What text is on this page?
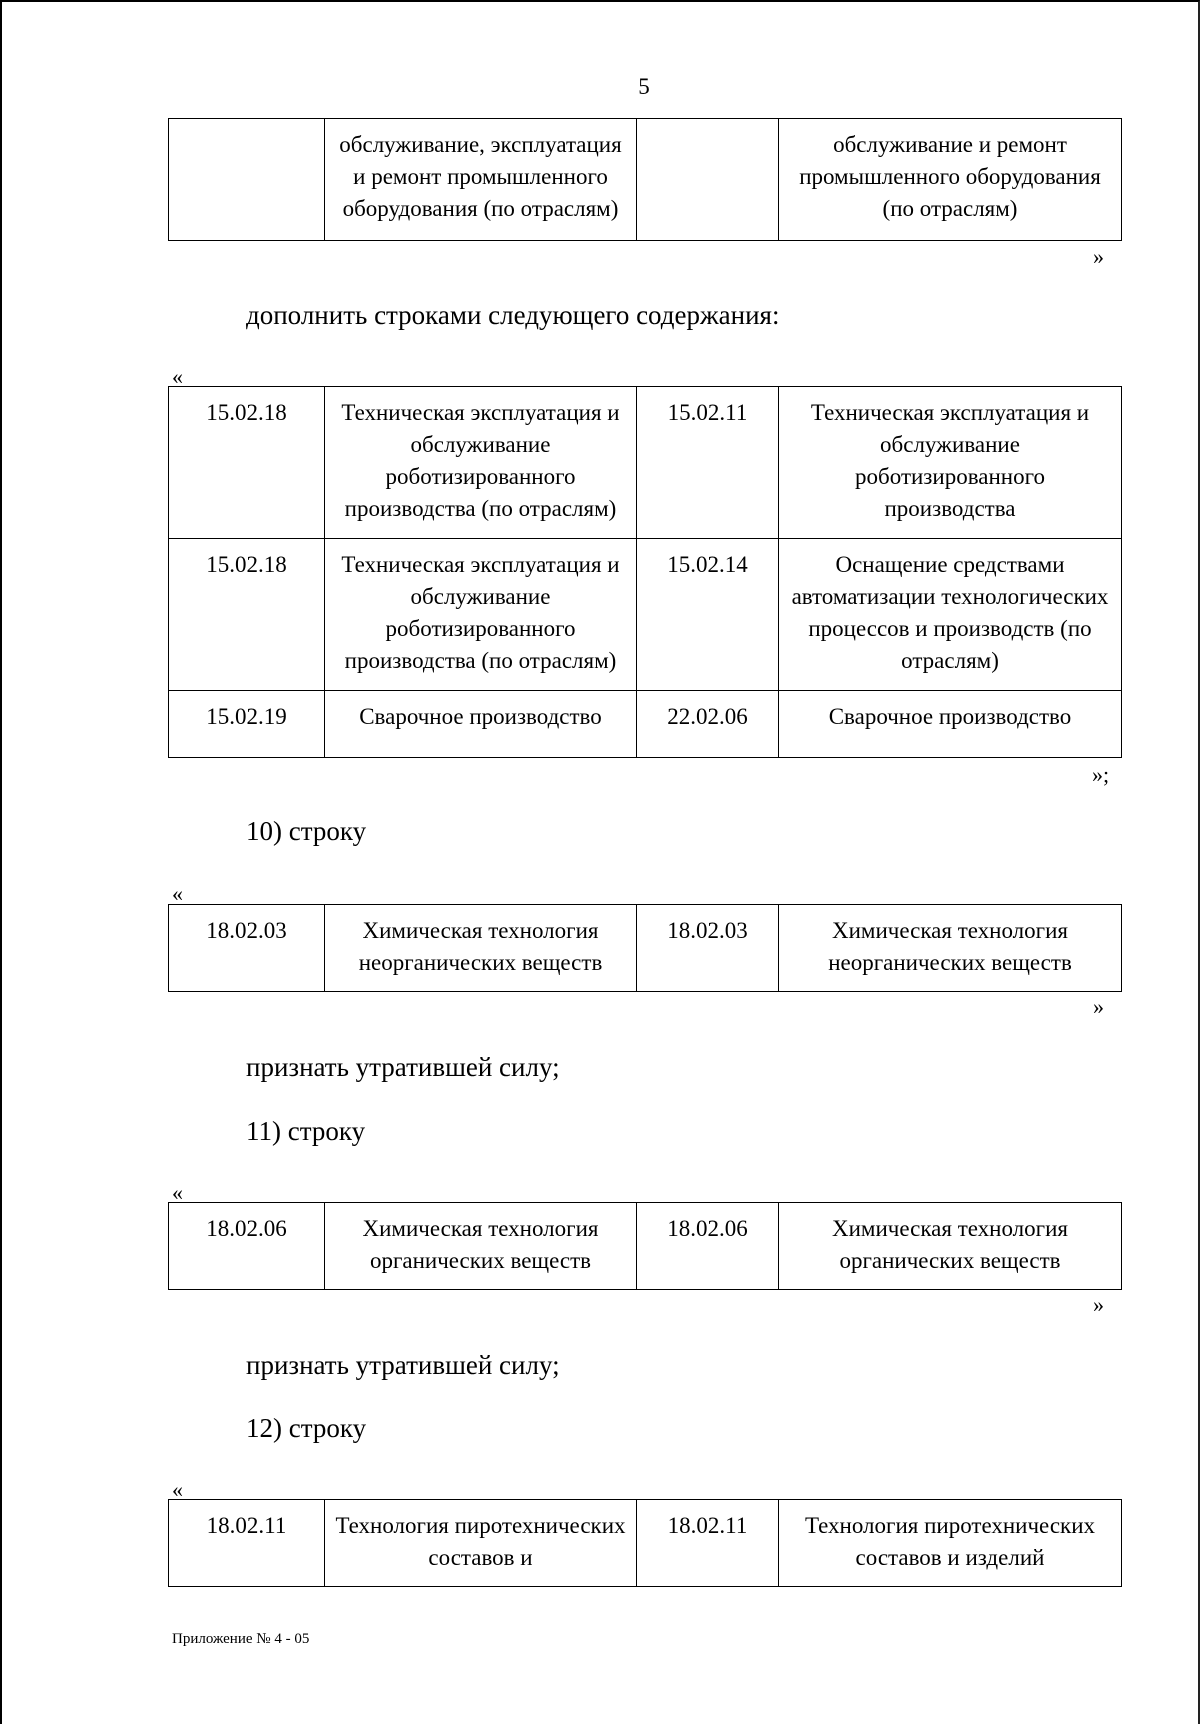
5
	обслуживание, эксплуатация и ремонт промышленного оборудования (по отраслям)		обслуживание и ремонт промышленного оборудования (по отраслям)
»
дополнить строками следующего содержания:
«
15.02.18	Техническая эксплуатация и обслуживание роботизированного производства (по отраслям)	15.02.11	Техническая эксплуатация и обслуживание роботизированного производства
15.02.18	Техническая эксплуатация и обслуживание роботизированного производства (по отраслям)	15.02.14	Оснащение средствами автоматизации технологических процессов и производств (по отраслям)
15.02.19	Сварочное производство	22.02.06	Сварочное производство
»;
10) строку
«
18.02.03	Химическая технология неорганических веществ	18.02.03	Химическая технология неорганических веществ
»
признать утратившей силу;
11) строку
«
18.02.06	Химическая технология органических веществ	18.02.06	Химическая технология органических веществ
»
признать утратившей силу;
12) строку
«
18.02.11	Технология пиротехнических составов и	18.02.11	Технология пиротехнических составов и изделий
Приложение № 4 - 05
